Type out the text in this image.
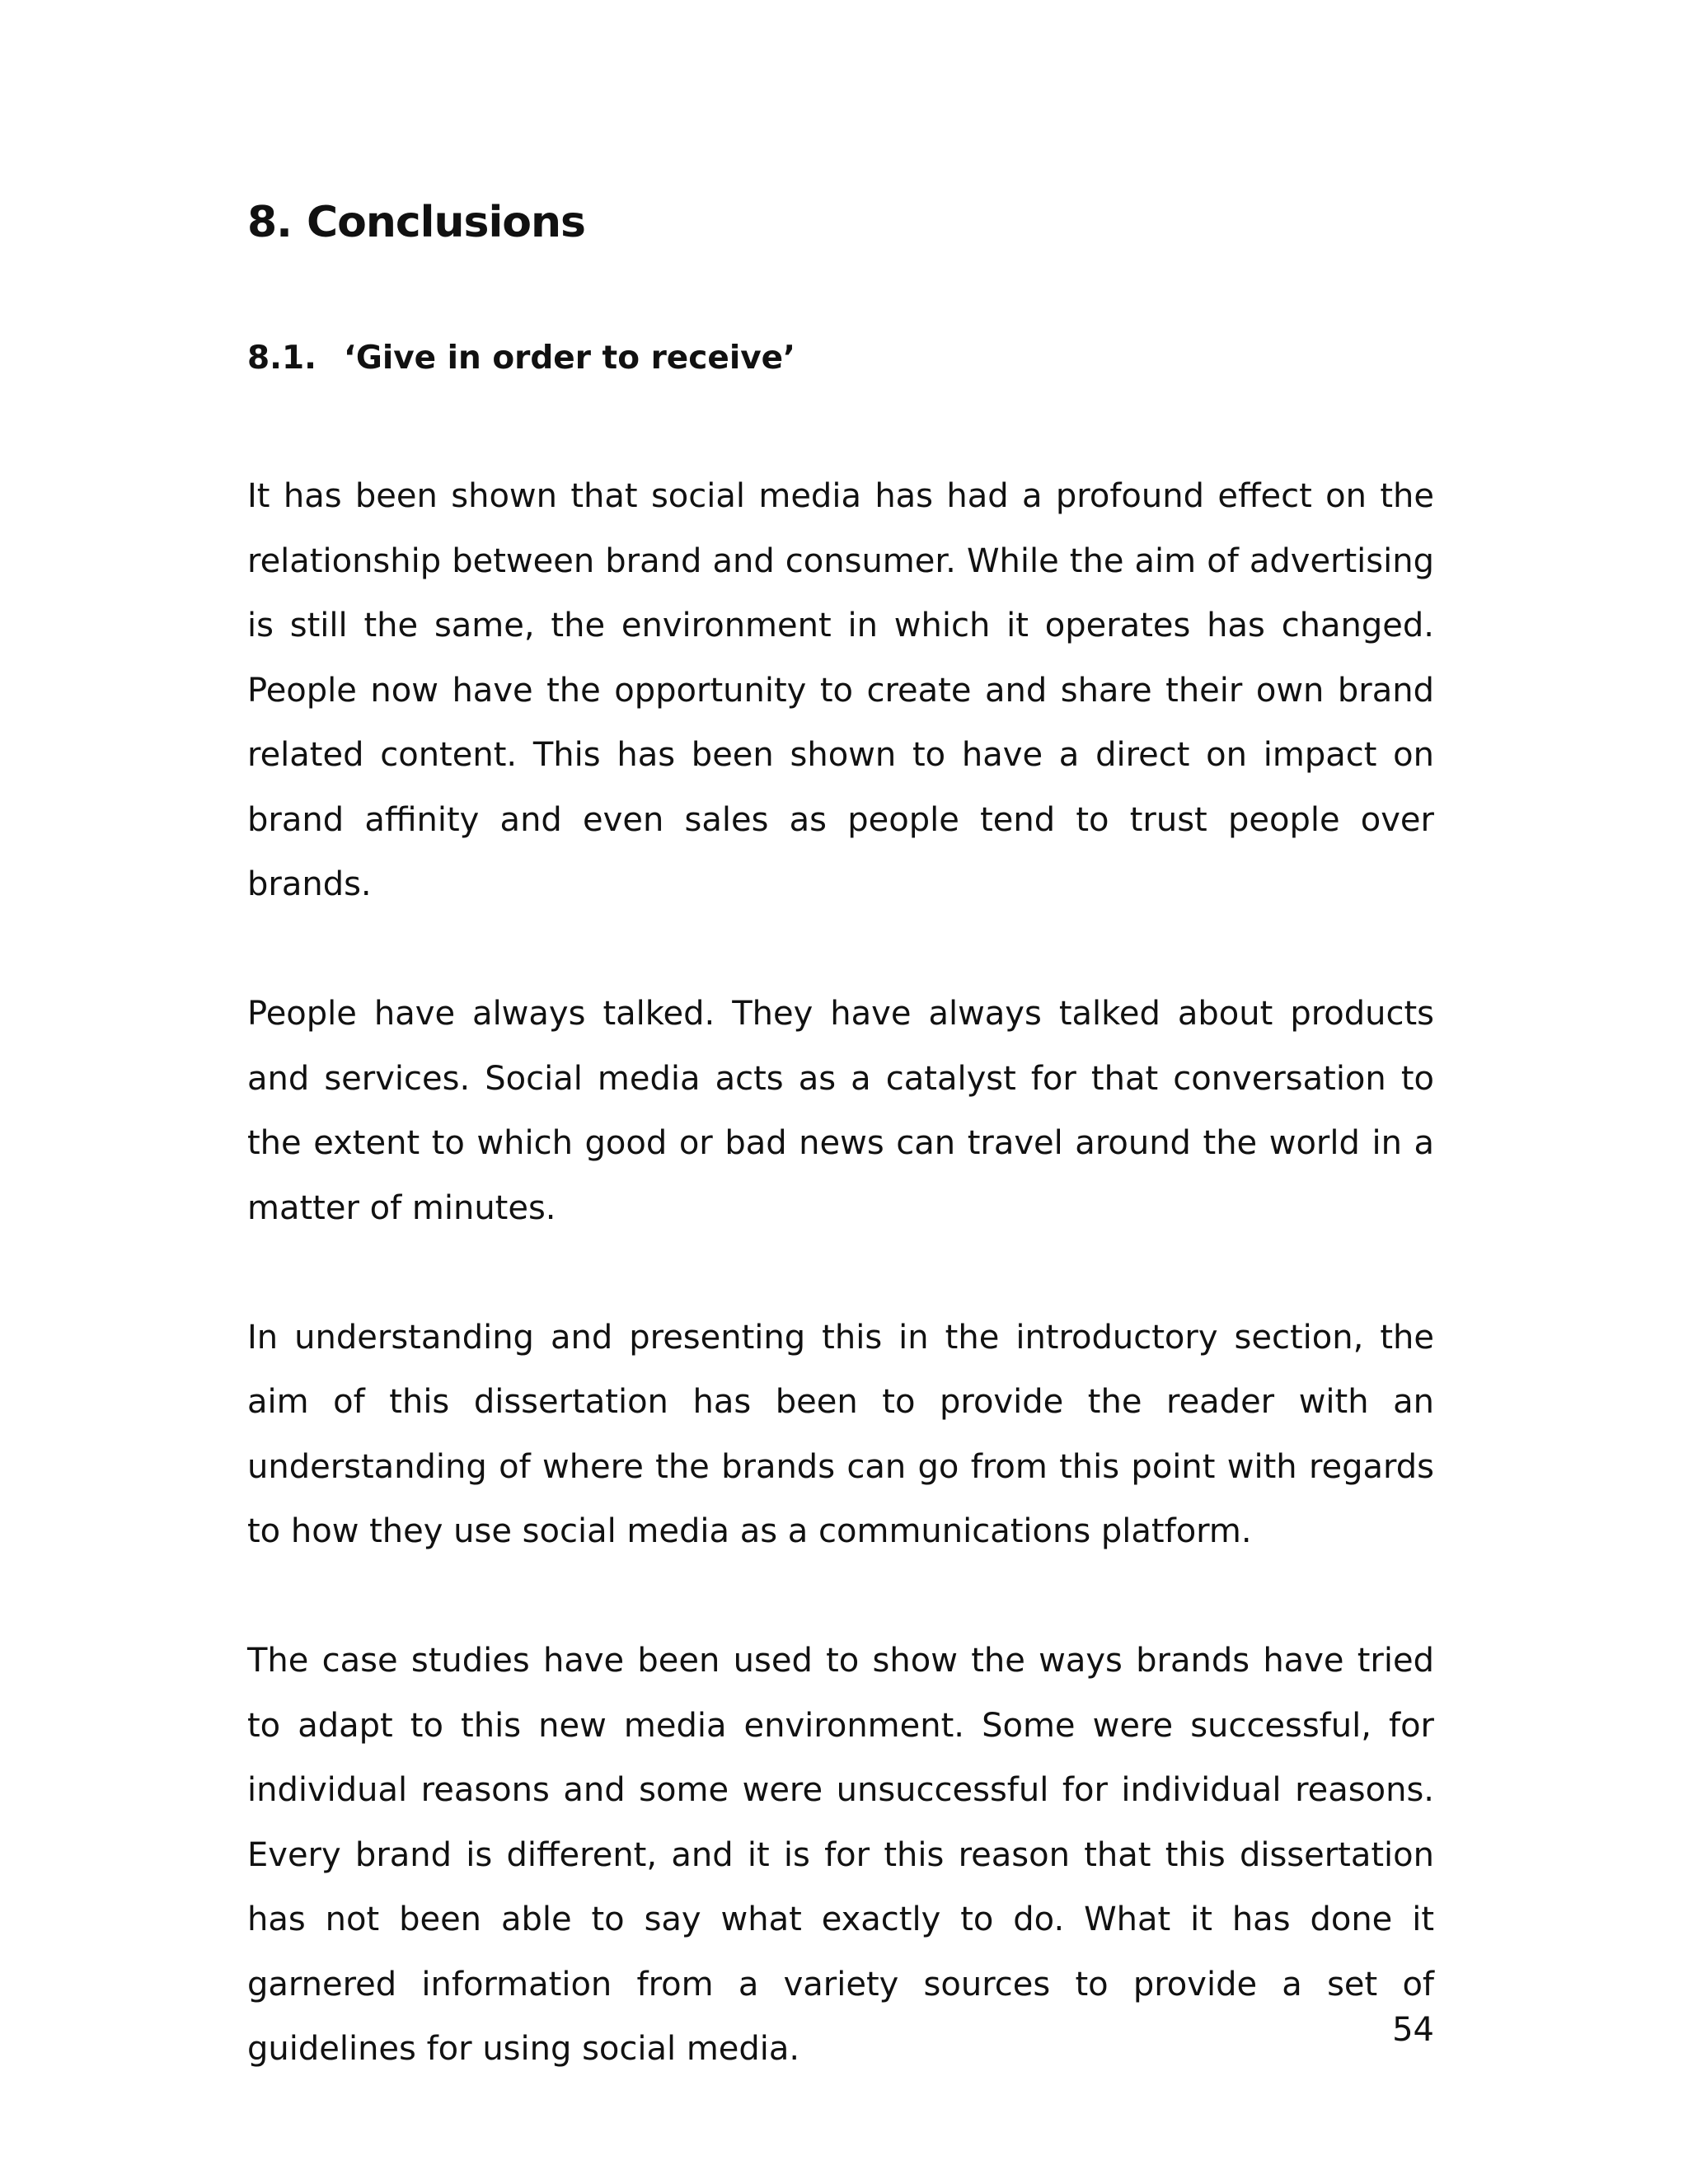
8. Conclusions
8.1. ‘Give in order to receive’

It has been shown that social media has had a profound effect on the relationship between brand and consumer. While the aim of advertising is still the same, the environment in which it operates has changed. People now have the opportunity to create and share their own brand related content. This has been shown to have a direct on impact on brand affinity and even sales as people tend to trust people over brands.

People have always talked. They have always talked about products and services. Social media acts as a catalyst for that conversation to the extent to which good or bad news can travel around the world in a matter of minutes.

In understanding and presenting this in the introductory section, the aim of this dissertation has been to provide the reader with an understanding of where the brands can go from this point with regards to how they use social media as a communications platform.

The case studies have been used to show the ways brands have tried to adapt to this new media environment. Some were successful, for individual reasons and some were unsuccessful for individual reasons. Every brand is different, and it is for this reason that this dissertation has not been able to say what exactly to do. What it has done it garnered information from a variety sources to provide a set of guidelines for using social media.	54
